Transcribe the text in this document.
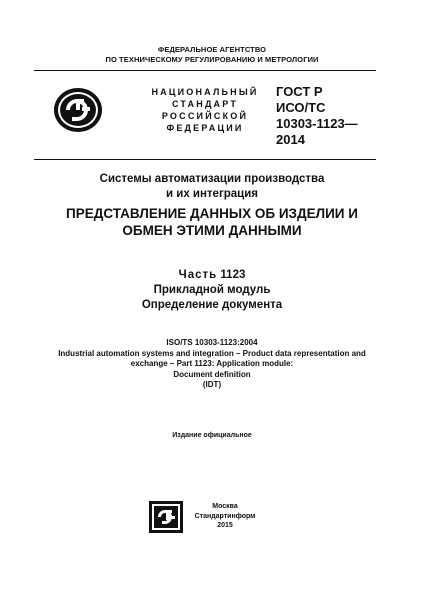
ФЕДЕРАЛЬНОЕ АГЕНТСТВО
ПО ТЕХНИЧЕСКОМУ РЕГУЛИРОВАНИЮ И МЕТРОЛОГИИ
НАЦИОНАЛЬНЫЙ
СТАНДАРТ
РОССИЙСКОЙ
ФЕДЕРАЦИИ
ГОСТ Р
ИСО/ТС
10303-1123—
2014
Системы автоматизации производства
и их интеграция
ПРЕДСТАВЛЕНИЕ ДАННЫХ ОБ ИЗДЕЛИИ И
ОБМЕН ЭТИМИ ДАННЫМИ
Часть 1123
Прикладной модуль
Определение документа
ISO/TS 10303-1123:2004
Industrial automation systems and integration – Product data representation and
exchange – Part 1123: Application module:
Document definition
(IDT)
Издание официальное
Москва
Стандартинформ
2015
